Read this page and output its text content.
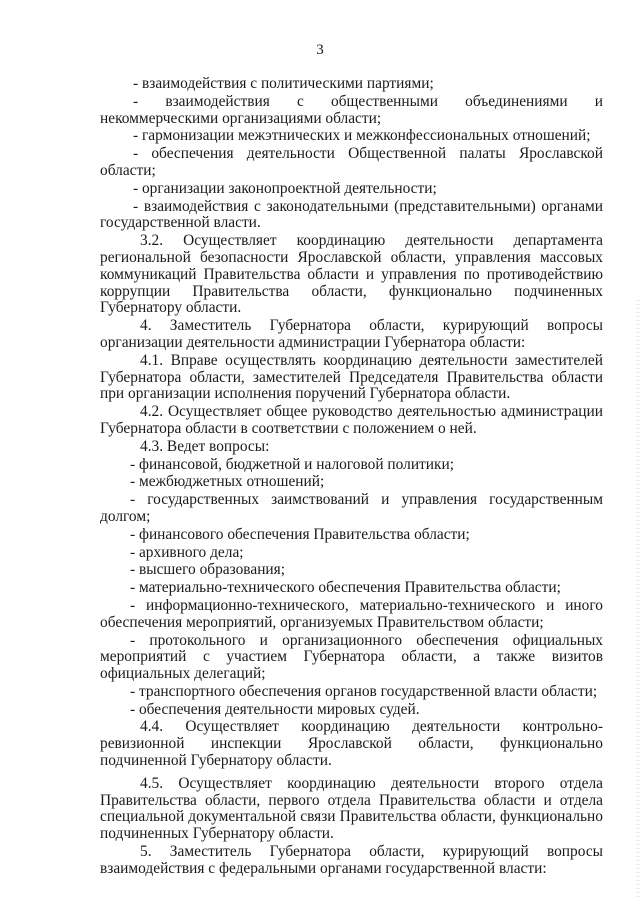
3

- взаимодействия с политическими партиями;

- взаимодействия с общественными объединениями и некоммерческими организациями области;

- гармонизации межэтнических и межконфессиональных отношений;

- обеспечения деятельности Общественной палаты Ярославской области;

- организации законопроектной деятельности;

- взаимодействия с законодательными (представительными) органами государственной власти.

3.2. Осуществляет координацию деятельности департамента региональной безопасности Ярославской области, управления массовых коммуникаций Правительства области и управления по противодействию коррупции Правительства области, функционально подчиненных Губернатору области.

4. Заместитель Губернатора области, курирующий вопросы организации деятельности администрации Губернатора области:

4.1. Вправе осуществлять координацию деятельности заместителей Губернатора области, заместителей Председателя Правительства области при организации исполнения поручений Губернатора области.

4.2. Осуществляет общее руководство деятельностью администрации Губернатора области в соответствии с положением о ней.

4.3. Ведет вопросы:

- финансовой, бюджетной и налоговой политики;

- межбюджетных отношений;

- государственных заимствований и управления государственным долгом;

- финансового обеспечения Правительства области;

- архивного дела;

- высшего образования;

- материально-технического обеспечения Правительства области;

- информационно-технического, материально-технического и иного обеспечения мероприятий, организуемых Правительством области;

- протокольного и организационного обеспечения официальных мероприятий с участием Губернатора области, а также визитов официальных делегаций;

- транспортного обеспечения органов государственной власти области;

- обеспечения деятельности мировых судей.

4.4. Осуществляет координацию деятельности контрольно-ревизионной инспекции Ярославской области, функционально подчиненной Губернатору области.

4.5. Осуществляет координацию деятельности второго отдела Правительства области, первого отдела Правительства области и отдела специальной документальной связи Правительства области, функционально подчиненных Губернатору области.

5. Заместитель Губернатора области, курирующий вопросы взаимодействия с федеральными органами государственной власти:
